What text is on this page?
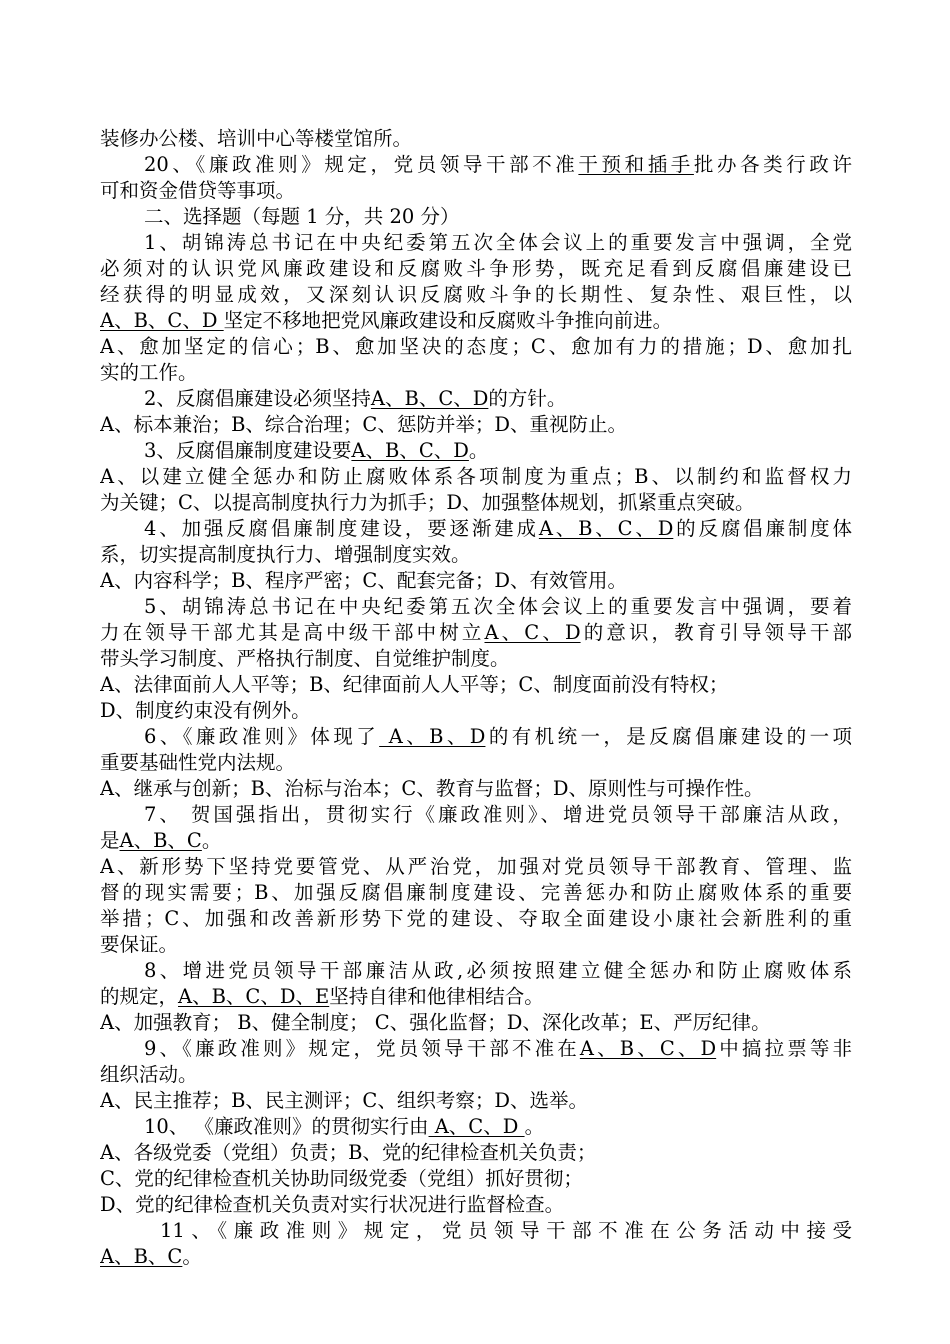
装修办公楼、培训中心等楼堂馆所。
20、《廉政准则》规定，党员领导干部不准干预和插手批办各类行政许
可和资金借贷等事项。
二、选择题（每题 1 分，共 20 分）
1、胡锦涛总书记在中央纪委第五次全体会议上的重要发言中强调，全党
必须对的认识党风廉政建设和反腐败斗争形势，既充足看到反腐倡廉建设已
经获得的明显成效，又深刻认识反腐败斗争的长期性、复杂性、艰巨性，以
A、B、C、D 坚定不移地把党风廉政建设和反腐败斗争推向前进。
A、愈加坚定的信心；B、愈加坚决的态度；C、愈加有力的措施；D、愈加扎
实的工作。
2、反腐倡廉建设必须坚持A、B、C、D的方针。
A、标本兼治；B、综合治理；C、惩防并举；D、重视防止。
3、反腐倡廉制度建设要A、B、C、D。
A、以建立健全惩办和防止腐败体系各项制度为重点；B、以制约和监督权力
为关键；C、以提高制度执行力为抓手；D、加强整体规划，抓紧重点突破。
4、加强反腐倡廉制度建设，要逐渐建成A、B、C、D的反腐倡廉制度体
系，切实提高制度执行力、增强制度实效。
A、内容科学；B、程序严密；C、配套完备；D、有效管用。
5、胡锦涛总书记在中央纪委第五次全体会议上的重要发言中强调，要着
力在领导干部尤其是高中级干部中树立A、C、D的意识，教育引导领导干部
带头学习制度、严格执行制度、自觉维护制度。
A、法律面前人人平等；B、纪律面前人人平等；C、制度面前没有特权；
D、制度约束没有例外。
6、《廉政准则》体现了 A、B、D的有机统一，是反腐倡廉建设的一项
重要基础性党内法规。
A、继承与创新；B、治标与治本；C、教育与监督；D、原则性与可操作性。
7、 贺国强指出，贯彻实行《廉政准则》、增进党员领导干部廉洁从政，
是A、B、C。
A、新形势下坚持党要管党、从严治党，加强对党员领导干部教育、管理、监
督的现实需要；B、加强反腐倡廉制度建设、完善惩办和防止腐败体系的重要
举措；C、加强和改善新形势下党的建设、夺取全面建设小康社会新胜利的重
要保证。
8、增进党员领导干部廉洁从政,必须按照建立健全惩办和防止腐败体系
的规定，A、B、C、D、E坚持自律和他律相结合。
A、加强教育； B、健全制度； C、强化监督；D、深化改革；E、严厉纪律。
9、《廉政准则》规定，党员领导干部不准在A、B、C、D中搞拉票等非
组织活动。
A、民主推荐；B、民主测评；C、组织考察；D、选举。
10、 《廉政准则》的贯彻实行由 A、C、D 。
A、各级党委（党组）负责；B、党的纪律检查机关负责；
C、党的纪律检查机关协助同级党委（党组）抓好贯彻；
D、党的纪律检查机关负责对实行状况进行监督检查。
11、《廉政准则》规定，党员领导干部不准在公务活动中接受
A、B、C。
